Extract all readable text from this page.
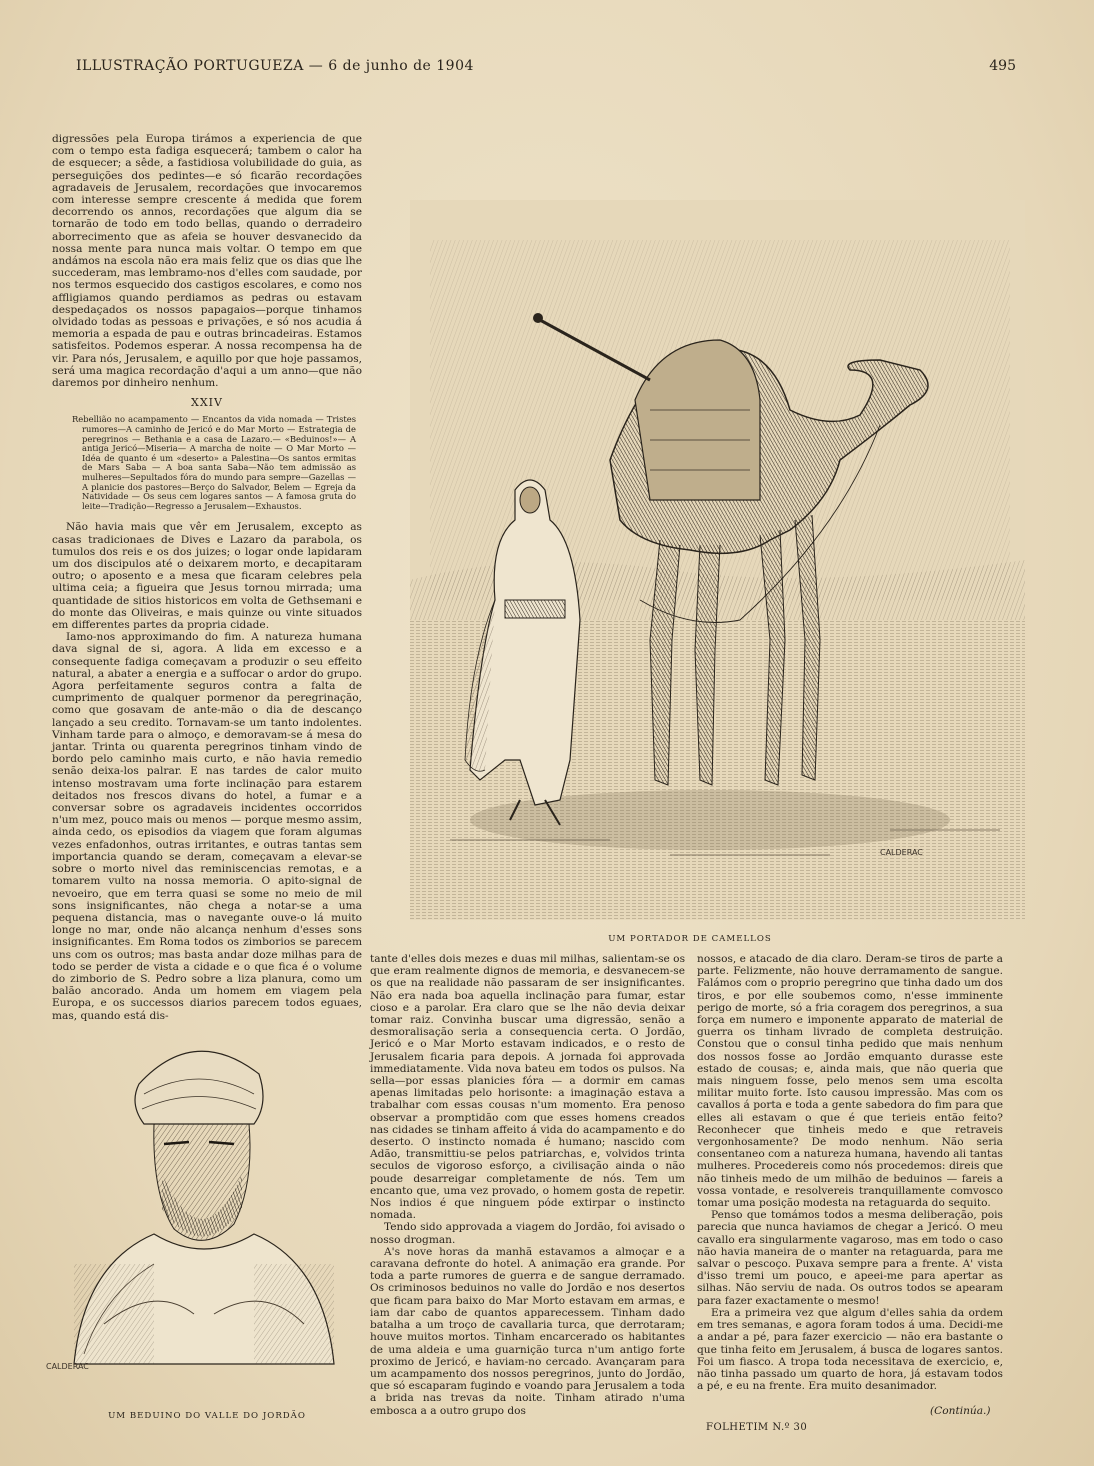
ILLUSTRAÇÃO PORTUGUEZA — 6 de junho de 1904	495

digressões pela Europa tirámos a experiencia de que com o tempo esta fadiga esquecerá; tambem o calor ha de esquecer; a sêde, a fastidiosa volubilidade do guia, as perseguições dos pedintes—e só ficarão recordações agradaveis de Jerusalem, recordações que invocaremos com interesse sempre crescente á medida que forem decorrendo os annos, recordações que algum dia se tornarão de todo em todo bellas, quando o derradeiro aborrecimento que as afeia se houver desvanecido da nossa mente para nunca mais voltar. O tempo em que andámos na escola não era mais feliz que os dias que lhe succederam, mas lembramo-nos d'elles com saudade, por nos termos esquecido dos castigos escolares, e como nos affligiamos quando perdiamos as pedras ou estavam despedaçados os nossos papagaios—porque tinhamos olvidado todas as pessoas e privações, e só nos acudia á memoria a espada de pau e outras brincadeiras. Estamos satisfeitos. Podemos esperar. A nossa recompensa ha de vir. Para nós, Jerusalem, e aquillo por que hoje passamos, será uma magica recordação d'aqui a um anno—que não daremos por dinheiro nenhum.

XXIV
Rebellião no acampamento — Encantos da vida nomada — Tristes rumores—A caminho de Jericó e do Mar Morto — Estrategia de peregrinos — Bethania e a casa de Lazaro.— «Beduinos!»— A antiga Jericó—Miseria— A marcha de noite — O Mar Morto — Idéa de quanto é um «deserto» a Palestina—Os santos ermitas de Mars Saba — A boa santa Saba—Não tem admissão as mulheres—Sepultados fóra do mundo para sempre—Gazellas — A planicie dos pastores—Berço do Salvador, Belem — Egreja da Natividade — Os seus cem logares santos — A famosa gruta do leite—Tradição—Regresso a Jerusalem—Exhaustos.

Não havia mais que vêr em Jerusalem, excepto as casas tradicionaes de Dives e Lazaro da parabola, os tumulos dos reis e os dos juizes; o logar onde lapidaram um dos discipulos até o deixarem morto, e decapitaram outro; o aposento e a mesa que ficaram celebres pela ultima ceia; a figueira que Jesus tornou mirrada; uma quantidade de sitios historicos em volta de Gethsemani e do monte das Oliveiras, e mais quinze ou vinte situados em differentes partes da propria cidade.

Iamo-nos approximando do fim. A natureza humana dava signal de si, agora. A lida em excesso e a consequente fadiga começavam a produzir o seu effeito natural, a abater a energia e a suffocar o ardor do grupo. Agora perfeitamente seguros contra a falta de cumprimento de qualquer pormenor da peregrinação, como que gosavam de ante-mão o dia de descanço lançado a seu credito. Tornavam-se um tanto indolentes. Vinham tarde para o almoço, e demoravam-se á mesa do jantar. Trinta ou quarenta peregrinos tinham vindo de bordo pelo caminho mais curto, e não havia remedio senão deixa-los palrar. E nas tardes de calor muito intenso mostravam uma forte inclinação para estarem deitados nos frescos divans do hotel, a fumar e a conversar sobre os agradaveis incidentes occorridos n'um mez, pouco mais ou menos — porque mesmo assim, ainda cedo, os episodios da viagem que foram algumas vezes enfadonhos, outras irritantes, e outras tantas sem importancia quando se deram, começavam a elevar-se sobre o morto nivel das reminiscencias remotas, e a tomarem vulto na nossa memoria. O apito-signal de nevoeiro, que em terra quasi se some no meio de mil sons insignificantes, não chega a notar-se a uma pequena distancia, mas o navegante ouve-o lá muito longe no mar, onde não alcança nenhum d'esses sons insignificantes. Em Roma todos os zimborios se parecem uns com os outros; mas basta andar doze milhas para de todo se perder de vista a cidade e o que fica é o volume do zimborio de S. Pedro sobre a liza planura, como um balão ancorado. Anda um homem em viagem pela Europa, e os successos diarios parecem todos eguaes, mas, quando está dis-

CALDERAC
UM PORTADOR DE CAMELLOS
CALDERAC
UM BEDUINO DO VALLE DO JORDÃO

tante d'elles dois mezes e duas mil milhas, salientam-se os que eram realmente dignos de memoria, e desvanecem-se os que na realidade não passaram de ser insignificantes. Não era nada boa aquella inclinação para fumar, estar cioso e a parolar. Era claro que se lhe não devia deixar tomar raiz. Convinha buscar uma digressão, senão a desmoralisação seria a consequencia certa. O Jordão, Jericó e o Mar Morto estavam indicados, e o resto de Jerusalem ficaria para depois. A jornada foi approvada immediatamente. Vida nova bateu em todos os pulsos. Na sella—por essas planicies fóra — a dormir em camas apenas limitadas pelo horisonte: a imaginação estava a trabalhar com essas cousas n'um momento. Era penoso observar a promptidão com que esses homens creados nas cidades se tinham affeito á vida do acampamento e do deserto. O instincto nomada é humano; nascido com Adão, transmittiu-se pelos patriarchas, e, volvidos trinta seculos de vigoroso esforço, a civilisação ainda o não poude desarreigar completamente de nós. Tem um encanto que, uma vez provado, o homem gosta de repetir. Nos indios é que ninguem póde extirpar o instincto nomada.

Tendo sido approvada a viagem do Jordão, foi avisado o nosso drogman.

A's nove horas da manhã estavamos a almoçar e a caravana defronte do hotel. A animação era grande. Por toda a parte rumores de guerra e de sangue derramado. Os criminosos beduinos no valle do Jordão e nos desertos que ficam para baixo do Mar Morto estavam em armas, e iam dar cabo de quantos apparecessem. Tinham dado batalha a um troço de cavallaria turca, que derrotaram; houve muitos mortos. Tinham encarcerado os habitantes de uma aldeia e uma guarnição turca n'um antigo forte proximo de Jericó, e haviam-no cercado. Avançaram para um acampamento dos nossos peregrinos, junto do Jordão, que só escaparam fugindo e voando para Jerusalem a toda a brida nas trevas da noite. Tinham atirado n'uma embosca a a outro grupo dos

nossos, e atacado de dia claro. Deram-se tiros de parte a parte. Felizmente, não houve derramamento de sangue. Falámos com o proprio peregrino que tinha dado um dos tiros, e por elle soubemos como, n'esse imminente perigo de morte, só a fria coragem dos peregrinos, a sua força em numero e imponente apparato de material de guerra os tinham livrado de completa destruição. Constou que o consul tinha pedido que mais nenhum dos nossos fosse ao Jordão emquanto durasse este estado de cousas; e, ainda mais, que não queria que mais ninguem fosse, pelo menos sem uma escolta militar muito forte. Isto causou impressão. Mas com os cavallos á porta e toda a gente sabedora do fim para que elles ali estavam o que é que terieis então feito? Reconhecer que tinheis medo e que retraveis vergonhosamente? De modo nenhum. Não seria consentaneo com a natureza humana, havendo ali tantas mulheres. Procedereis como nós procedemos: direis que não tinheis medo de um milhão de beduinos — fareis a vossa vontade, e resolvereis tranquillamente comvosco tomar uma posição modesta na retaguarda do sequito.

Penso que tomámos todos a mesma deliberação, pois parecia que nunca haviamos de chegar a Jericó. O meu cavallo era singularmente vagaroso, mas em todo o caso não havia maneira de o manter na retaguarda, para me salvar o pescoço. Puxava sempre para a frente. A' vista d'isso tremi um pouco, e apeei-me para apertar as silhas. Não serviu de nada. Os outros todos se apearam para fazer exactamente o mesmo!

Era a primeira vez que algum d'elles sahia da ordem em tres semanas, e agora foram todos á uma. Decidi-me a andar a pé, para fazer exercicio — não era bastante o que tinha feito em Jerusalem, á busca de logares santos. Foi um fiasco. A tropa toda necessitava de exercicio, e, não tinha passado um quarto de hora, já estavam todos a pé, e eu na frente. Era muito desanimador.

(Continúa.)
FOLHETIM N.º 30
